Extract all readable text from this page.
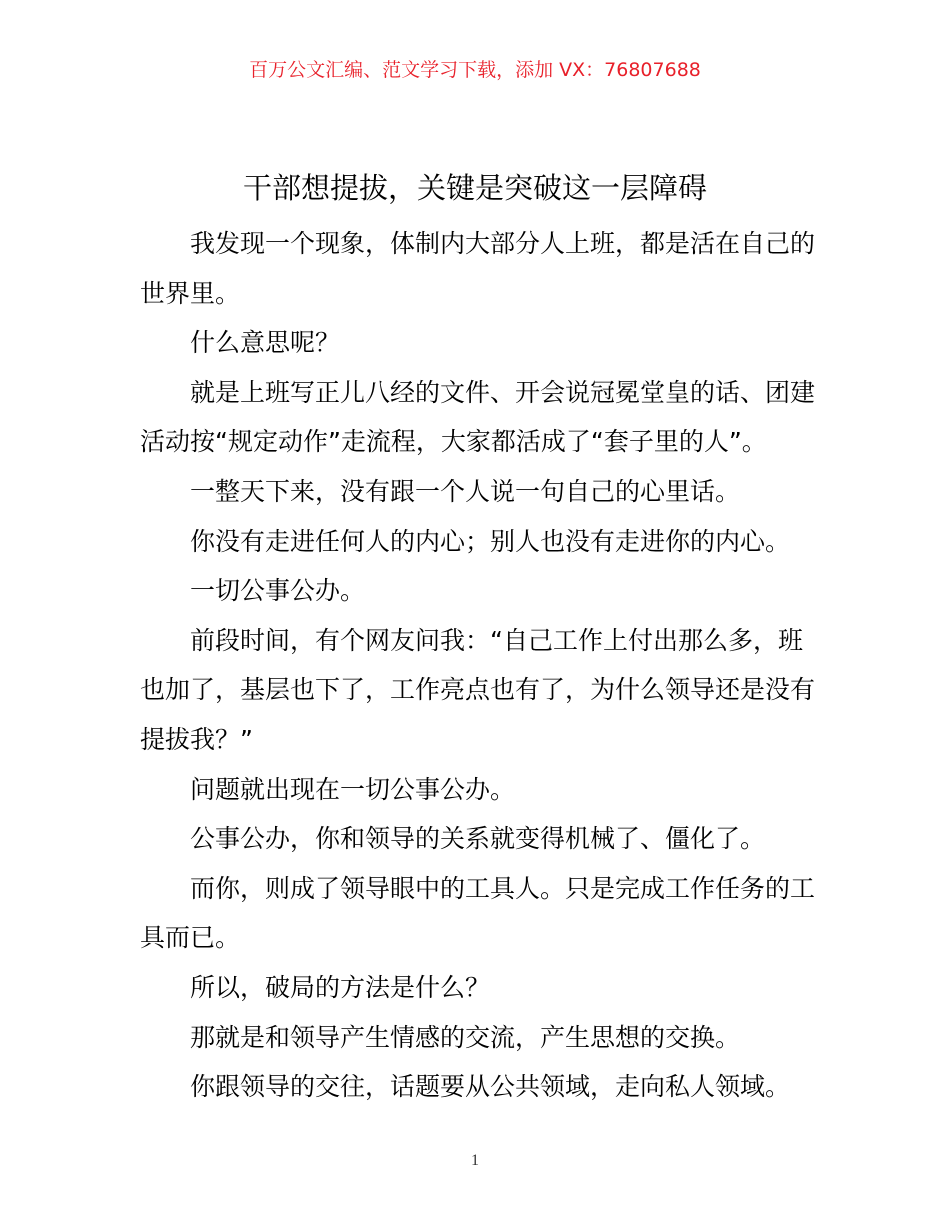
百万公文汇编、范文学习下载，添加 VX：76807688
干部想提拔，关键是突破这一层障碍
我发现一个现象，体制内大部分人上班，都是活在自己的
世界里。
什么意思呢？
就是上班写正儿八经的文件、开会说冠冕堂皇的话、团建
活动按“规定动作”走流程，大家都活成了“套子里的人”。
一整天下来，没有跟一个人说一句自己的心里话。
你没有走进任何人的内心；别人也没有走进你的内心。
一切公事公办。
前段时间，有个网友问我：“自己工作上付出那么多，班
也加了，基层也下了，工作亮点也有了，为什么领导还是没有
提拔我？”
问题就出现在一切公事公办。
公事公办，你和领导的关系就变得机械了、僵化了。
而你，则成了领导眼中的工具人。只是完成工作任务的工
具而已。
所以，破局的方法是什么？
那就是和领导产生情感的交流，产生思想的交换。
你跟领导的交往，话题要从公共领域，走向私人领域。
1
